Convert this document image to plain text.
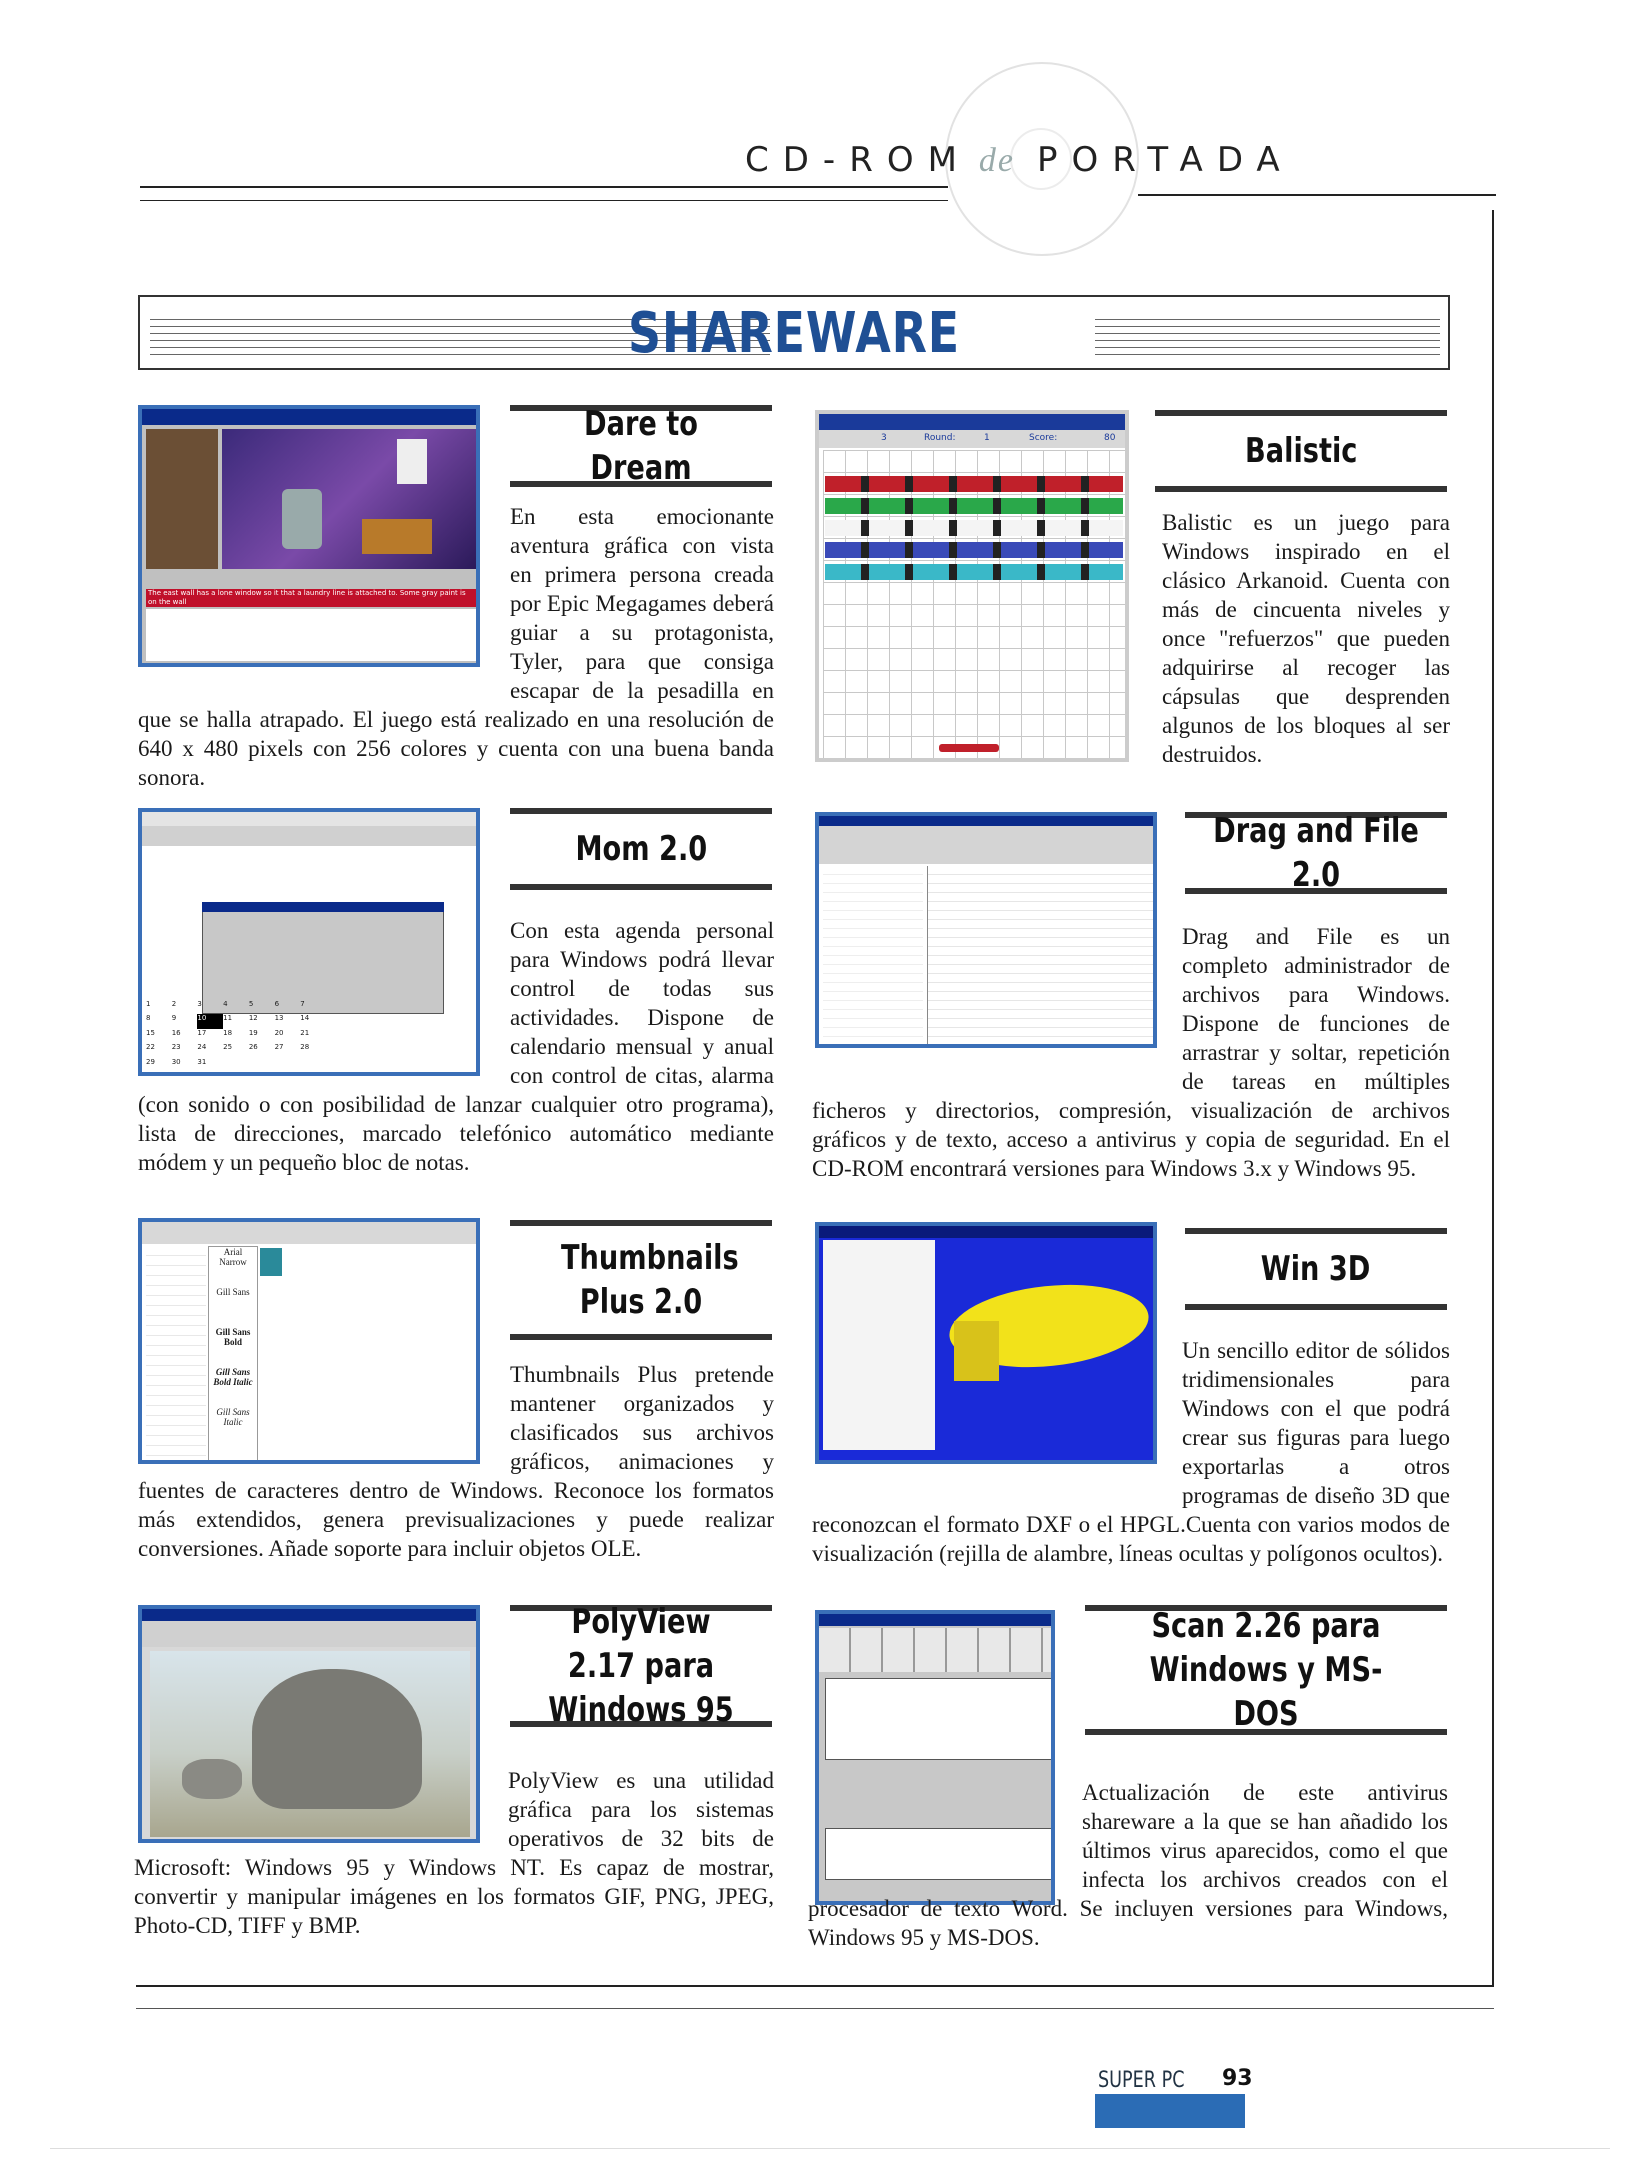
CD-ROM de PORTADA
SHAREWARE
The east wall has a lone window so it that a laundry line is attached to. Some gray paint is on the wall
Dare to Dream
En esta emocionante aventura gráfica con vista en primera persona creada por Epic Megagames deberá guiar a su protagonista, Tyler, para que consiga escapar de la pesadilla en que se halla atrapado. El juego está realizado en una resolución de 640 x 480 pixels con 256 colores y cuenta con una buena banda sonora.
3	Round:	1	Score:	80	Balistic
Balistic es un juego para Windows inspirado en el clásico Arkanoid. Cuenta con más de cincuenta niveles y once "refuerzos" que pueden adquirirse al recoger las cápsulas que desprenden algunos de los bloques al ser destruidos.
1	2	3	4	5	6	7
8	9	10	11	12	13	14
15	16	17	18	19	20	21
22	23	24	25	26	27	28
29	30	31
Mom 2.0
Con esta agenda personal para Windows podrá llevar control de todas sus actividades. Dispone de calendario mensual y anual con control de citas, alarma (con sonido o con posibilidad de lanzar cualquier otro programa), lista de direcciones, marcado telefónico automático mediante módem y un pequeño bloc de notas.
Drag and File 2.0
Drag and File es un completo administrador de archivos para Windows. Dispone de funciones de arrastrar y soltar, repetición de tareas en múltiples ficheros y directorios, compresión, visualización de archivos gráficos y de texto, acceso a antivirus y copia de seguridad. En el CD-ROM encontrará versiones para Windows 3.x y Windows 95.
Arial Narrow
Gill Sans
Gill Sans Bold
Gill Sans Bold Italic
Gill Sans Italic
Thumbnails Plus 2.0
Thumbnails Plus pretende mantener organizados y clasificados sus archivos gráficos, animaciones y fuentes de caracteres dentro de Windows. Reconoce los formatos más extendidos, genera previsualizaciones y puede realizar conversiones. Añade soporte para incluir objetos OLE.
Win 3D
Un sencillo editor de sólidos tridimensionales para Windows con el que podrá crear sus figuras para luego exportarlas a otros programas de diseño 3D que reconozcan el formato DXF o el HPGL.Cuenta con varios modos de visualización (rejilla de alambre, líneas ocultas y polígonos ocultos).
PolyView 2.17 para Windows 95
PolyView es una utilidad gráfica para los sistemas operativos de 32 bits de Microsoft: Windows 95 y Windows NT. Es capaz de mostrar, convertir y manipular imágenes en los formatos GIF, PNG, JPEG, Photo-CD, TIFF y BMP.
Scan 2.26 para Windows y MS-DOS
Actualización de este antivirus shareware a la que se han añadido los últimos virus aparecidos, como el que infecta los archivos creados con el procesador de texto Word. Se incluyen versiones para Windows, Windows 95 y MS-DOS.
SUPER PC 93
